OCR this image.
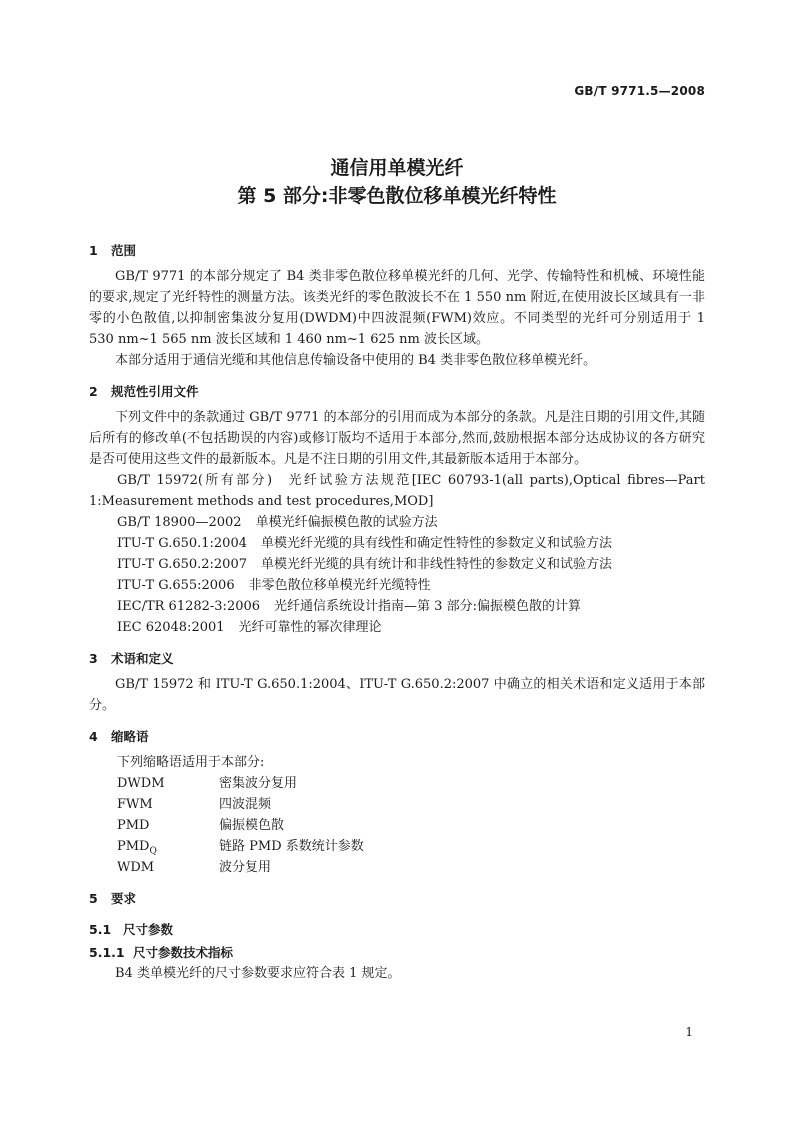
GB/T 9771.5—2008
通信用单模光纤
第 5 部分:非零色散位移单模光纤特性
1 范围
GB/T 9771 的本部分规定了 B4 类非零色散位移单模光纤的几何、光学、传输特性和机械、环境性能的要求,规定了光纤特性的测量方法。该类光纤的零色散波长不在 1 550 nm 附近,在使用波长区域具有一非零的小色散值,以抑制密集波分复用(DWDM)中四波混频(FWM)效应。不同类型的光纤可分别适用于 1 530 nm~1 565 nm 波长区域和 1 460 nm~1 625 nm 波长区域。
本部分适用于通信光缆和其他信息传输设备中使用的 B4 类非零色散位移单模光纤。
2 规范性引用文件
下列文件中的条款通过 GB/T 9771 的本部分的引用而成为本部分的条款。凡是注日期的引用文件,其随后所有的修改单(不包括勘误的内容)或修订版均不适用于本部分,然而,鼓励根据本部分达成协议的各方研究是否可使用这些文件的最新版本。凡是不注日期的引用文件,其最新版本适用于本部分。
GB/T 15972(所有部分) 光纤试验方法规范[IEC 60793-1(all parts),Optical fibres—Part 1:Measurement methods and test procedures,MOD]
GB/T 18900—2002 单模光纤偏振模色散的试验方法
ITU-T G.650.1:2004 单模光纤光缆的具有线性和确定性特性的参数定义和试验方法
ITU-T G.650.2:2007 单模光纤光缆的具有统计和非线性特性的参数定义和试验方法
ITU-T G.655:2006 非零色散位移单模光纤光缆特性
IEC/TR 61282-3:2006 光纤通信系统设计指南—第 3 部分:偏振模色散的计算
IEC 62048:2001 光纤可靠性的幂次律理论
3 术语和定义
GB/T 15972 和 ITU-T G.650.1:2004、ITU-T G.650.2:2007 中确立的相关术语和定义适用于本部分。
4 缩略语
下列缩略语适用于本部分:
DWDM	密集波分复用
FWM	四波混频
PMD	偏振模色散
$PMD_Q$	链路 PMD 系数统计参数
WDM	波分复用
5 要求
5.1 尺寸参数
5.1.1 尺寸参数技术指标
B4 类单模光纤的尺寸参数要求应符合表 1 规定。
1
